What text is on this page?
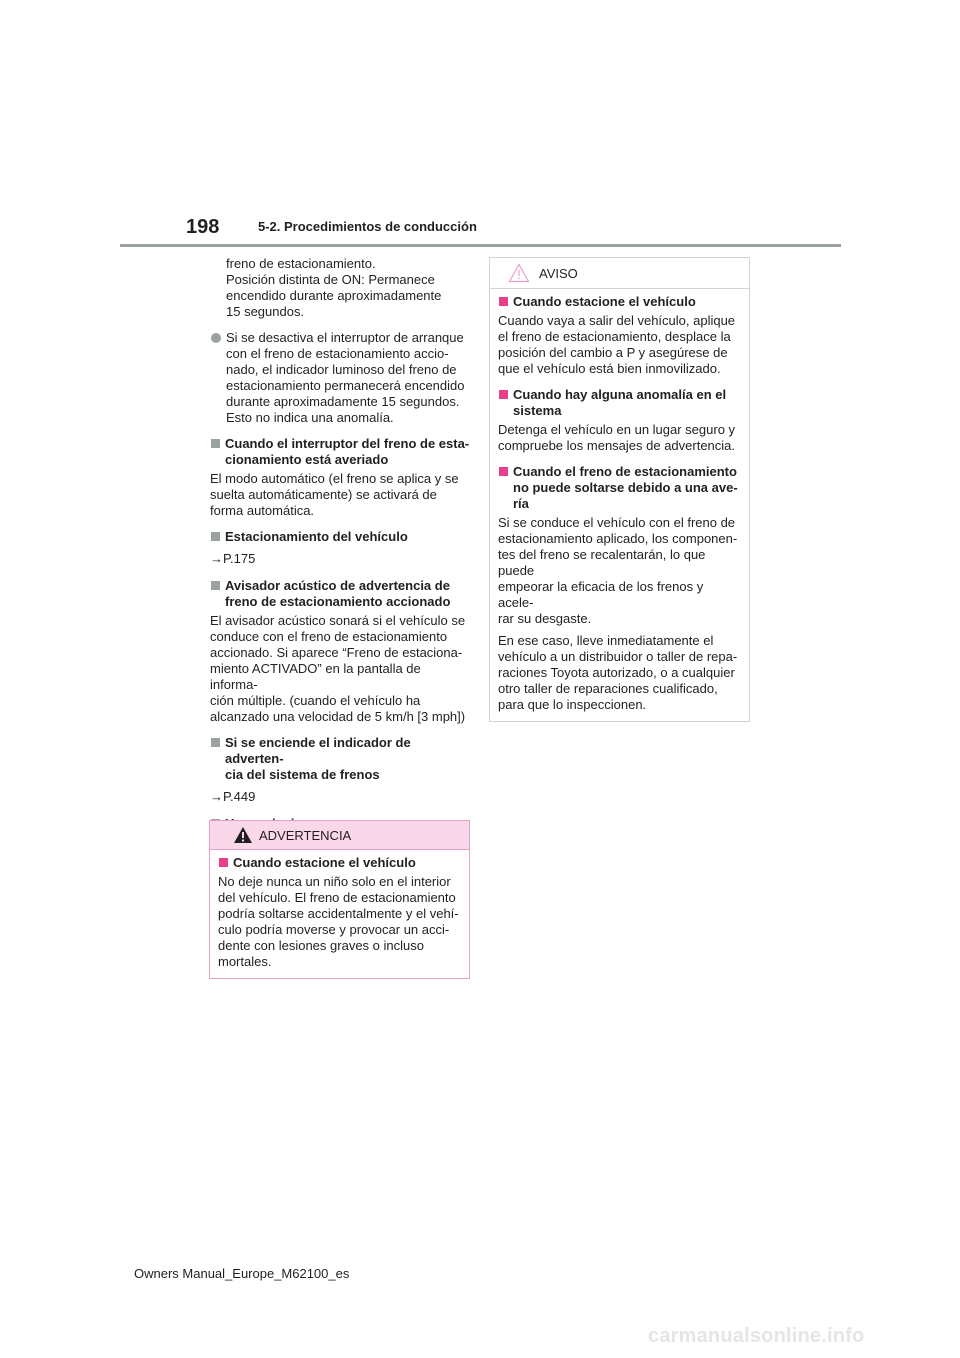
198	5-2. Procedimientos de conducción
freno de estacionamiento.
Posición distinta de ON: Permanece
encendido durante aproximadamente
15 segundos.
Si se desactiva el interruptor de arranque
con el freno de estacionamiento accio-
nado, el indicador luminoso del freno de
estacionamiento permanecerá encendido
durante aproximadamente 15 segundos.
Esto no indica una anomalía.
Cuando el interruptor del freno de esta-
cionamiento está averiado
El modo automático (el freno se aplica y se
suelta automáticamente) se activará de
forma automática.
Estacionamiento del vehículo
→P.175
Avisador acústico de advertencia de
freno de estacionamiento accionado
El avisador acústico sonará si el vehículo se
conduce con el freno de estacionamiento
accionado. Si aparece “Freno de estaciona-
miento ACTIVADO” en la pantalla de informa-
ción múltiple. (cuando el vehículo ha
alcanzado una velocidad de 5 km/h [3 mph])
Si se enciende el indicador de adverten-
cia del sistema de frenos
→P.449
ADVERTENCIA
Cuando estacione el vehículo
No deje nunca un niño solo en el interior
del vehículo. El freno de estacionamiento
podría soltarse accidentalmente y el vehí-
culo podría moverse y provocar un acci-
dente con lesiones graves o incluso
mortales.
AVISO
Cuando estacione el vehículo
Cuando vaya a salir del vehículo, aplique
el freno de estacionamiento, desplace la
posición del cambio a P y asegúrese de
que el vehículo está bien inmovilizado.
Cuando hay alguna anomalía en el
sistema
Detenga el vehículo en un lugar seguro y
compruebe los mensajes de advertencia.
Cuando el freno de estacionamiento
no puede soltarse debido a una ave-
ría
Si se conduce el vehículo con el freno de
estacionamiento aplicado, los componen-
tes del freno se recalentarán, lo que puede
empeorar la eficacia de los frenos y acele-
rar su desgaste.
En ese caso, lleve inmediatamente el
vehículo a un distribuidor o taller de repa-
raciones Toyota autorizado, o a cualquier
otro taller de reparaciones cualificado,
para que lo inspeccionen.
Owners Manual_Europe_M62100_es
carmanualsonline.info
